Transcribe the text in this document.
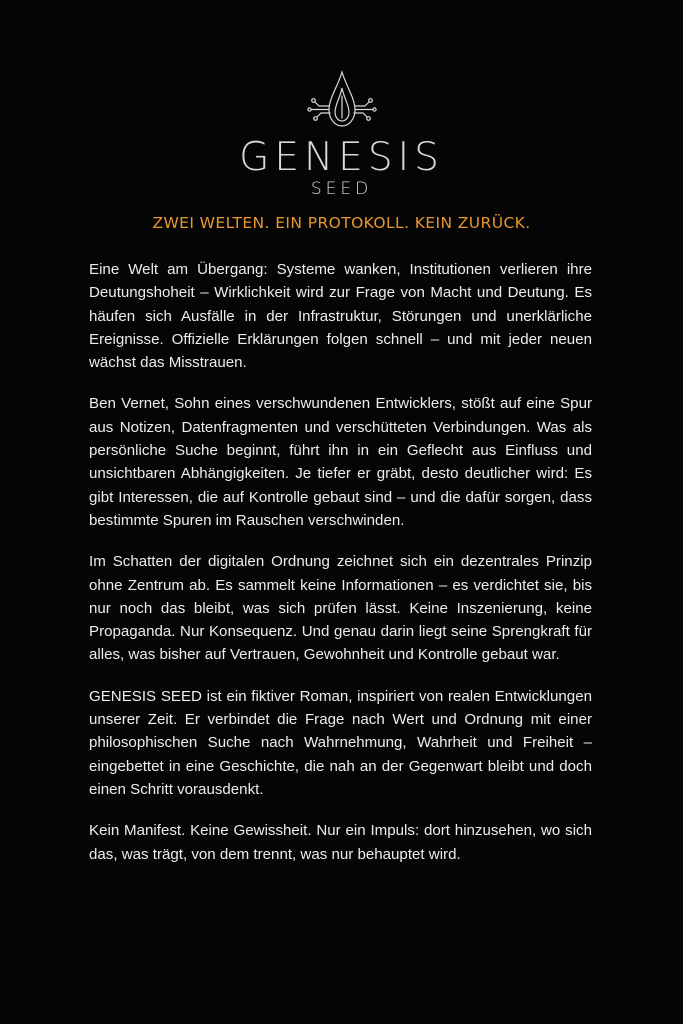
GENESIS
SEED
ZWEI WELTEN. EIN PROTOKOLL. KEIN ZURÜCK.

Eine Welt am Übergang: Systeme wanken, Institutionen verlieren ihre Deutungshoheit – Wirklichkeit wird zur Frage von Macht und Deutung. Es häufen sich Ausfälle in der Infrastruktur, Störungen und unerklärliche Ereignisse. Offizielle Erklärungen folgen schnell – und mit jeder neuen wächst das Misstrauen.

Ben Vernet, Sohn eines verschwundenen Entwicklers, stößt auf eine Spur aus Notizen, Datenfragmenten und verschütteten Verbindungen. Was als persönliche Suche beginnt, führt ihn in ein Geflecht aus Einfluss und unsichtbaren Abhängigkeiten. Je tiefer er gräbt, desto deutlicher wird: Es gibt Interessen, die auf Kontrolle gebaut sind – und die dafür sorgen, dass bestimmte Spuren im Rauschen verschwinden.

Im Schatten der digitalen Ordnung zeichnet sich ein dezentrales Prinzip ohne Zentrum ab. Es sammelt keine Informationen – es verdichtet sie, bis nur noch das bleibt, was sich prüfen lässt. Keine Inszenierung, keine Propaganda. Nur Konsequenz. Und genau darin liegt seine Sprengkraft für alles, was bisher auf Vertrauen, Gewohnheit und Kontrolle gebaut war.

GENESIS SEED ist ein fiktiver Roman, inspiriert von realen Entwicklungen unserer Zeit. Er verbindet die Frage nach Wert und Ordnung mit einer philosophischen Suche nach Wahrnehmung, Wahrheit und Freiheit – eingebettet in eine Geschichte, die nah an der Gegenwart bleibt und doch einen Schritt vorausdenkt.

Kein Manifest. Keine Gewissheit. Nur ein Impuls: dort hinzusehen, wo sich das, was trägt, von dem trennt, was nur behauptet wird.
